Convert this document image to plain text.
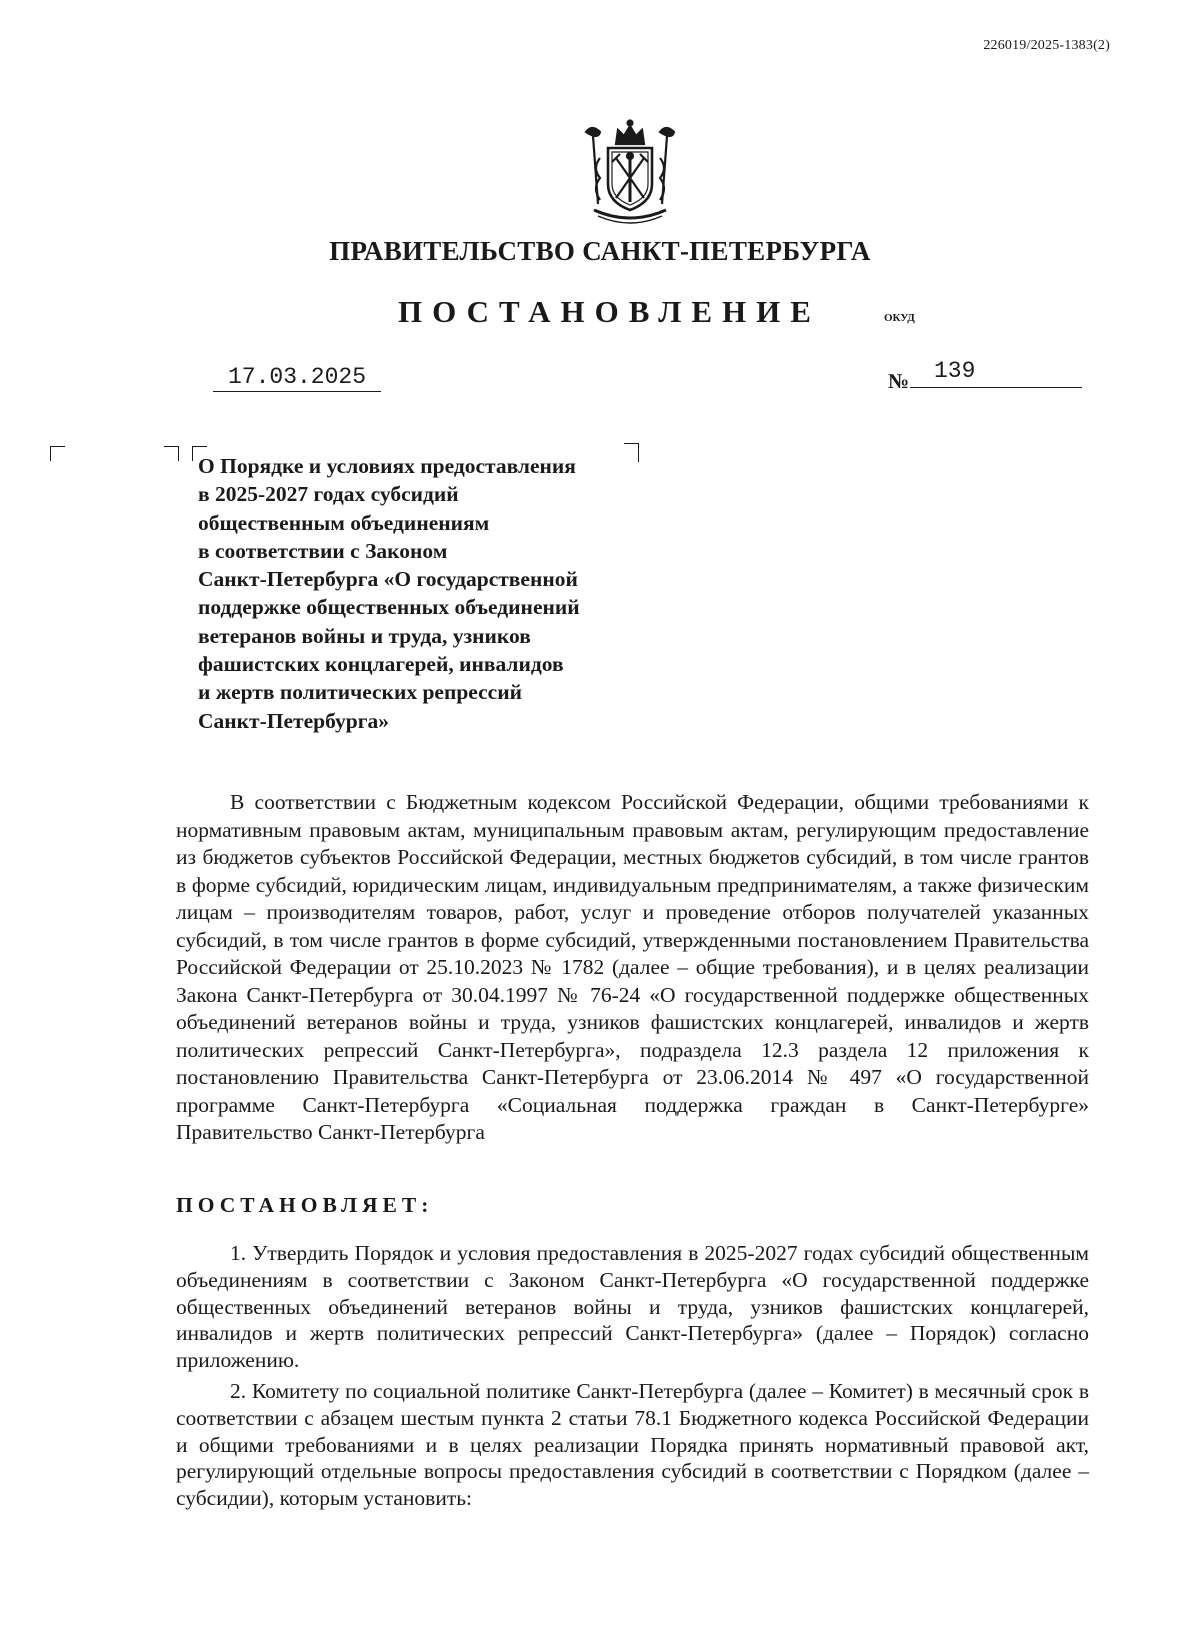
226019/2025-1383(2)
ПРАВИТЕЛЬСТВО САНКТ-ПЕТЕРБУРГА
ПОСТАНОВЛЕНИЕ	ОКУД
17.03.2025	№	139
О Порядке и условиях предоставления
в 2025-2027 годах субсидий
общественным объединениям
в соответствии с Законом
Санкт-Петербурга «О государственной
поддержке общественных объединений
ветеранов войны и труда, узников
фашистских концлагерей, инвалидов
и жертв политических репрессий
Санкт-Петербурга»
В соответствии с Бюджетным кодексом Российской Федерации, общими требованиями к нормативным правовым актам, муниципальным правовым актам, регулирующим предоставление из бюджетов субъектов Российской Федерации, местных бюджетов субсидий, в том числе грантов в форме субсидий, юридическим лицам, индивидуальным предпринимателям, а также физическим лицам – производителям товаров, работ, услуг и проведение отборов получателей указанных субсидий, в том числе грантов в форме субсидий, утвержденными постановлением Правительства Российской Федерации от 25.10.2023 № 1782 (далее – общие требования), и в целях реализации Закона Санкт-Петербурга от 30.04.1997 № 76-24 «О государственной поддержке общественных объединений ветеранов войны и труда, узников фашистских концлагерей, инвалидов и жертв политических репрессий Санкт-Петербурга», подраздела 12.3 раздела 12 приложения к постановлению Правительства Санкт-Петербурга от 23.06.2014 № 497 «О государственной программе Санкт-Петербурга «Социальная поддержка граждан в Санкт-Петербурге» Правительство Санкт-Петербурга
ПОСТАНОВЛЯЕТ:
1. Утвердить Порядок и условия предоставления в 2025-2027 годах субсидий общественным объединениям в соответствии с Законом Санкт-Петербурга «О государственной поддержке общественных объединений ветеранов войны и труда, узников фашистских концлагерей, инвалидов и жертв политических репрессий Санкт-Петербурга» (далее – Порядок) согласно приложению.
2. Комитету по социальной политике Санкт-Петербурга (далее – Комитет) в месячный срок в соответствии с абзацем шестым пункта 2 статьи 78.1 Бюджетного кодекса Российской Федерации и общими требованиями и в целях реализации Порядка принять нормативный правовой акт, регулирующий отдельные вопросы предоставления субсидий в соответствии с Порядком (далее – субсидии), которым установить:
